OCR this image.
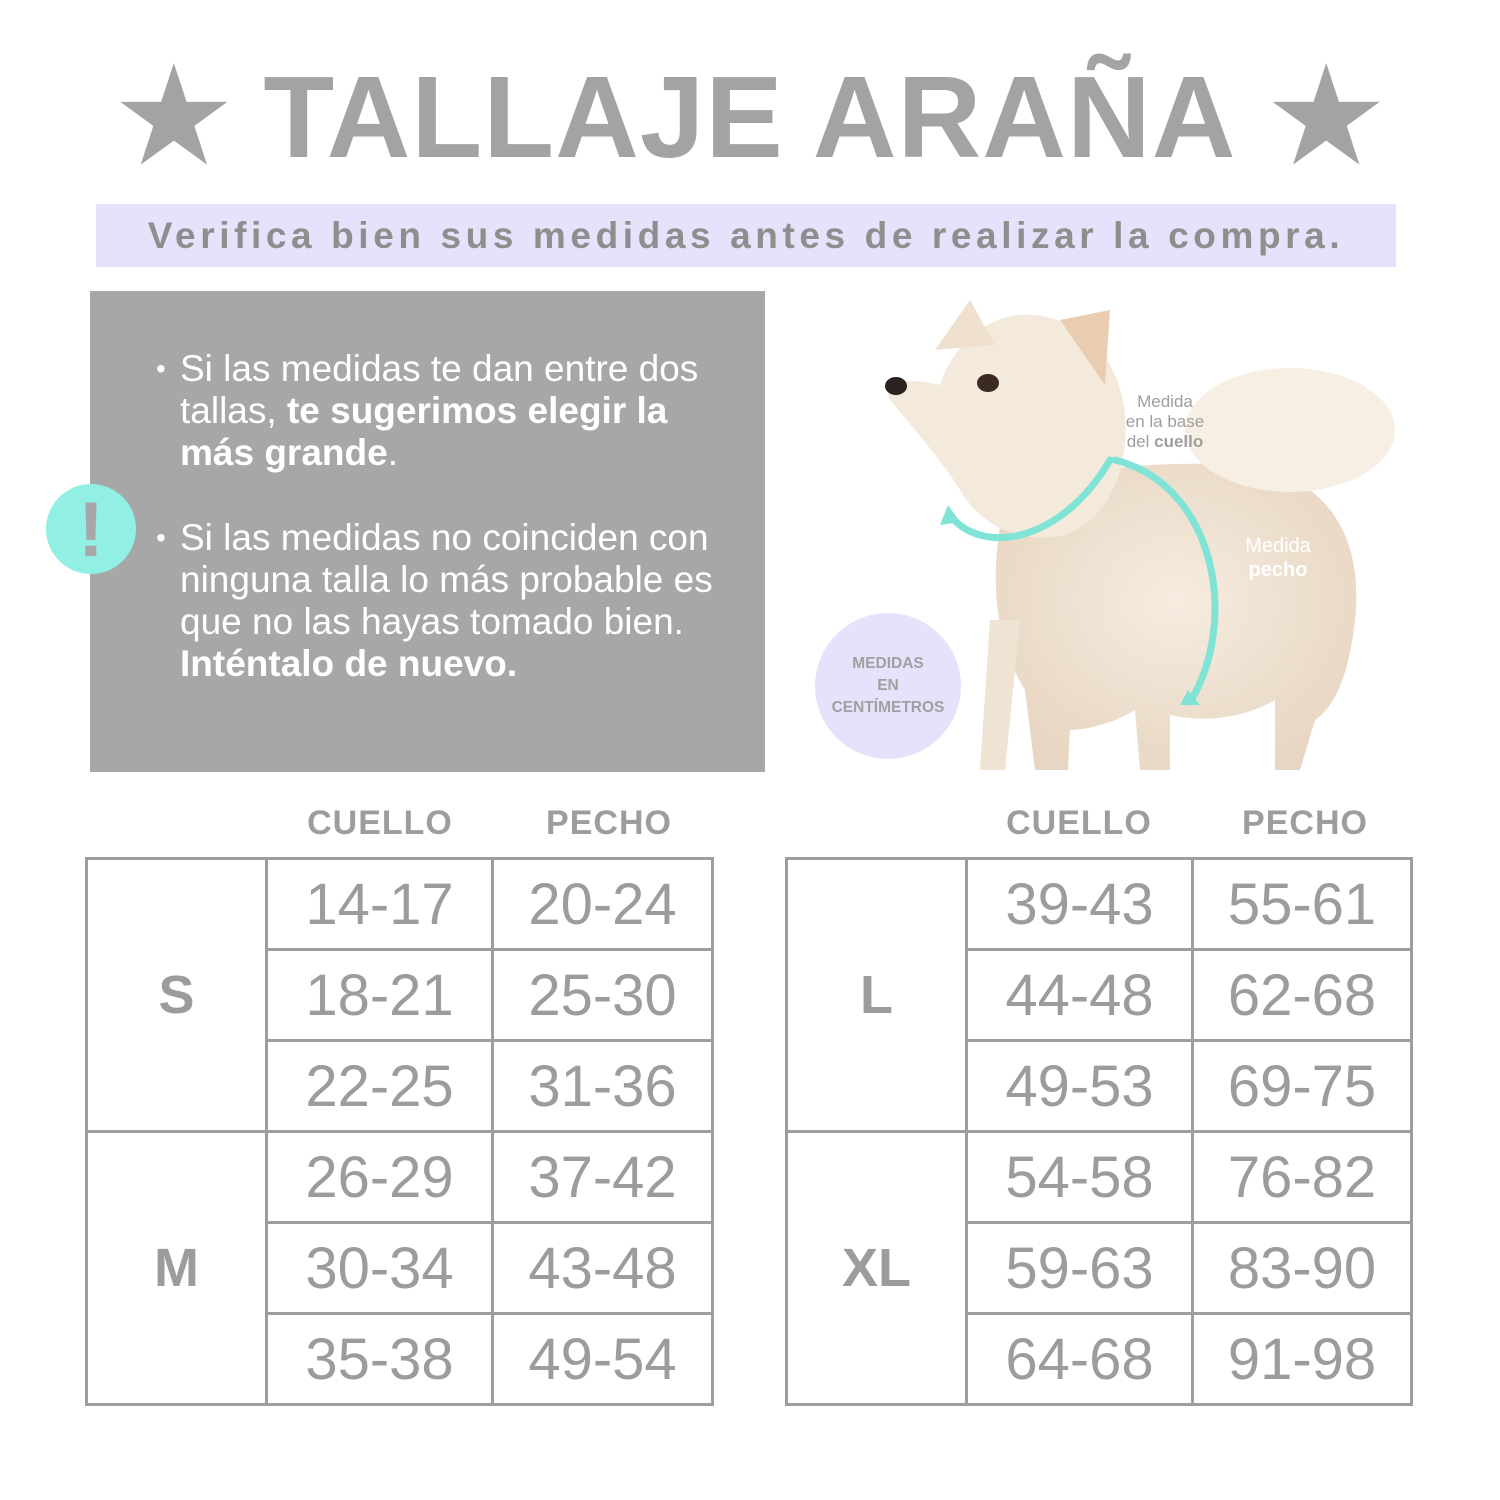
★ TALLAJE ARAÑA ★
Verifica bien sus medidas antes de realizar la compra.
• Si las medidas te dan entre dos tallas, te sugerimos elegir la más grande.
• Si las medidas no coinciden con ninguna talla lo más probable es que no las hayas tomado bien. Inténtalo de nuevo.
!
Medida
en la base
del cuello
Medida
pecho
MEDIDAS
EN
CENTÍMETROS
CUELLO	PECHO	CUELLO	PECHO
S	14-17	20-24
	18-21	25-30
	22-25	31-36
M	26-29	37-42
	30-34	43-48
	35-38	49-54
L	39-43	55-61
	44-48	62-68
	49-53	69-75
XL	54-58	76-82
	59-63	83-90
	64-68	91-98
